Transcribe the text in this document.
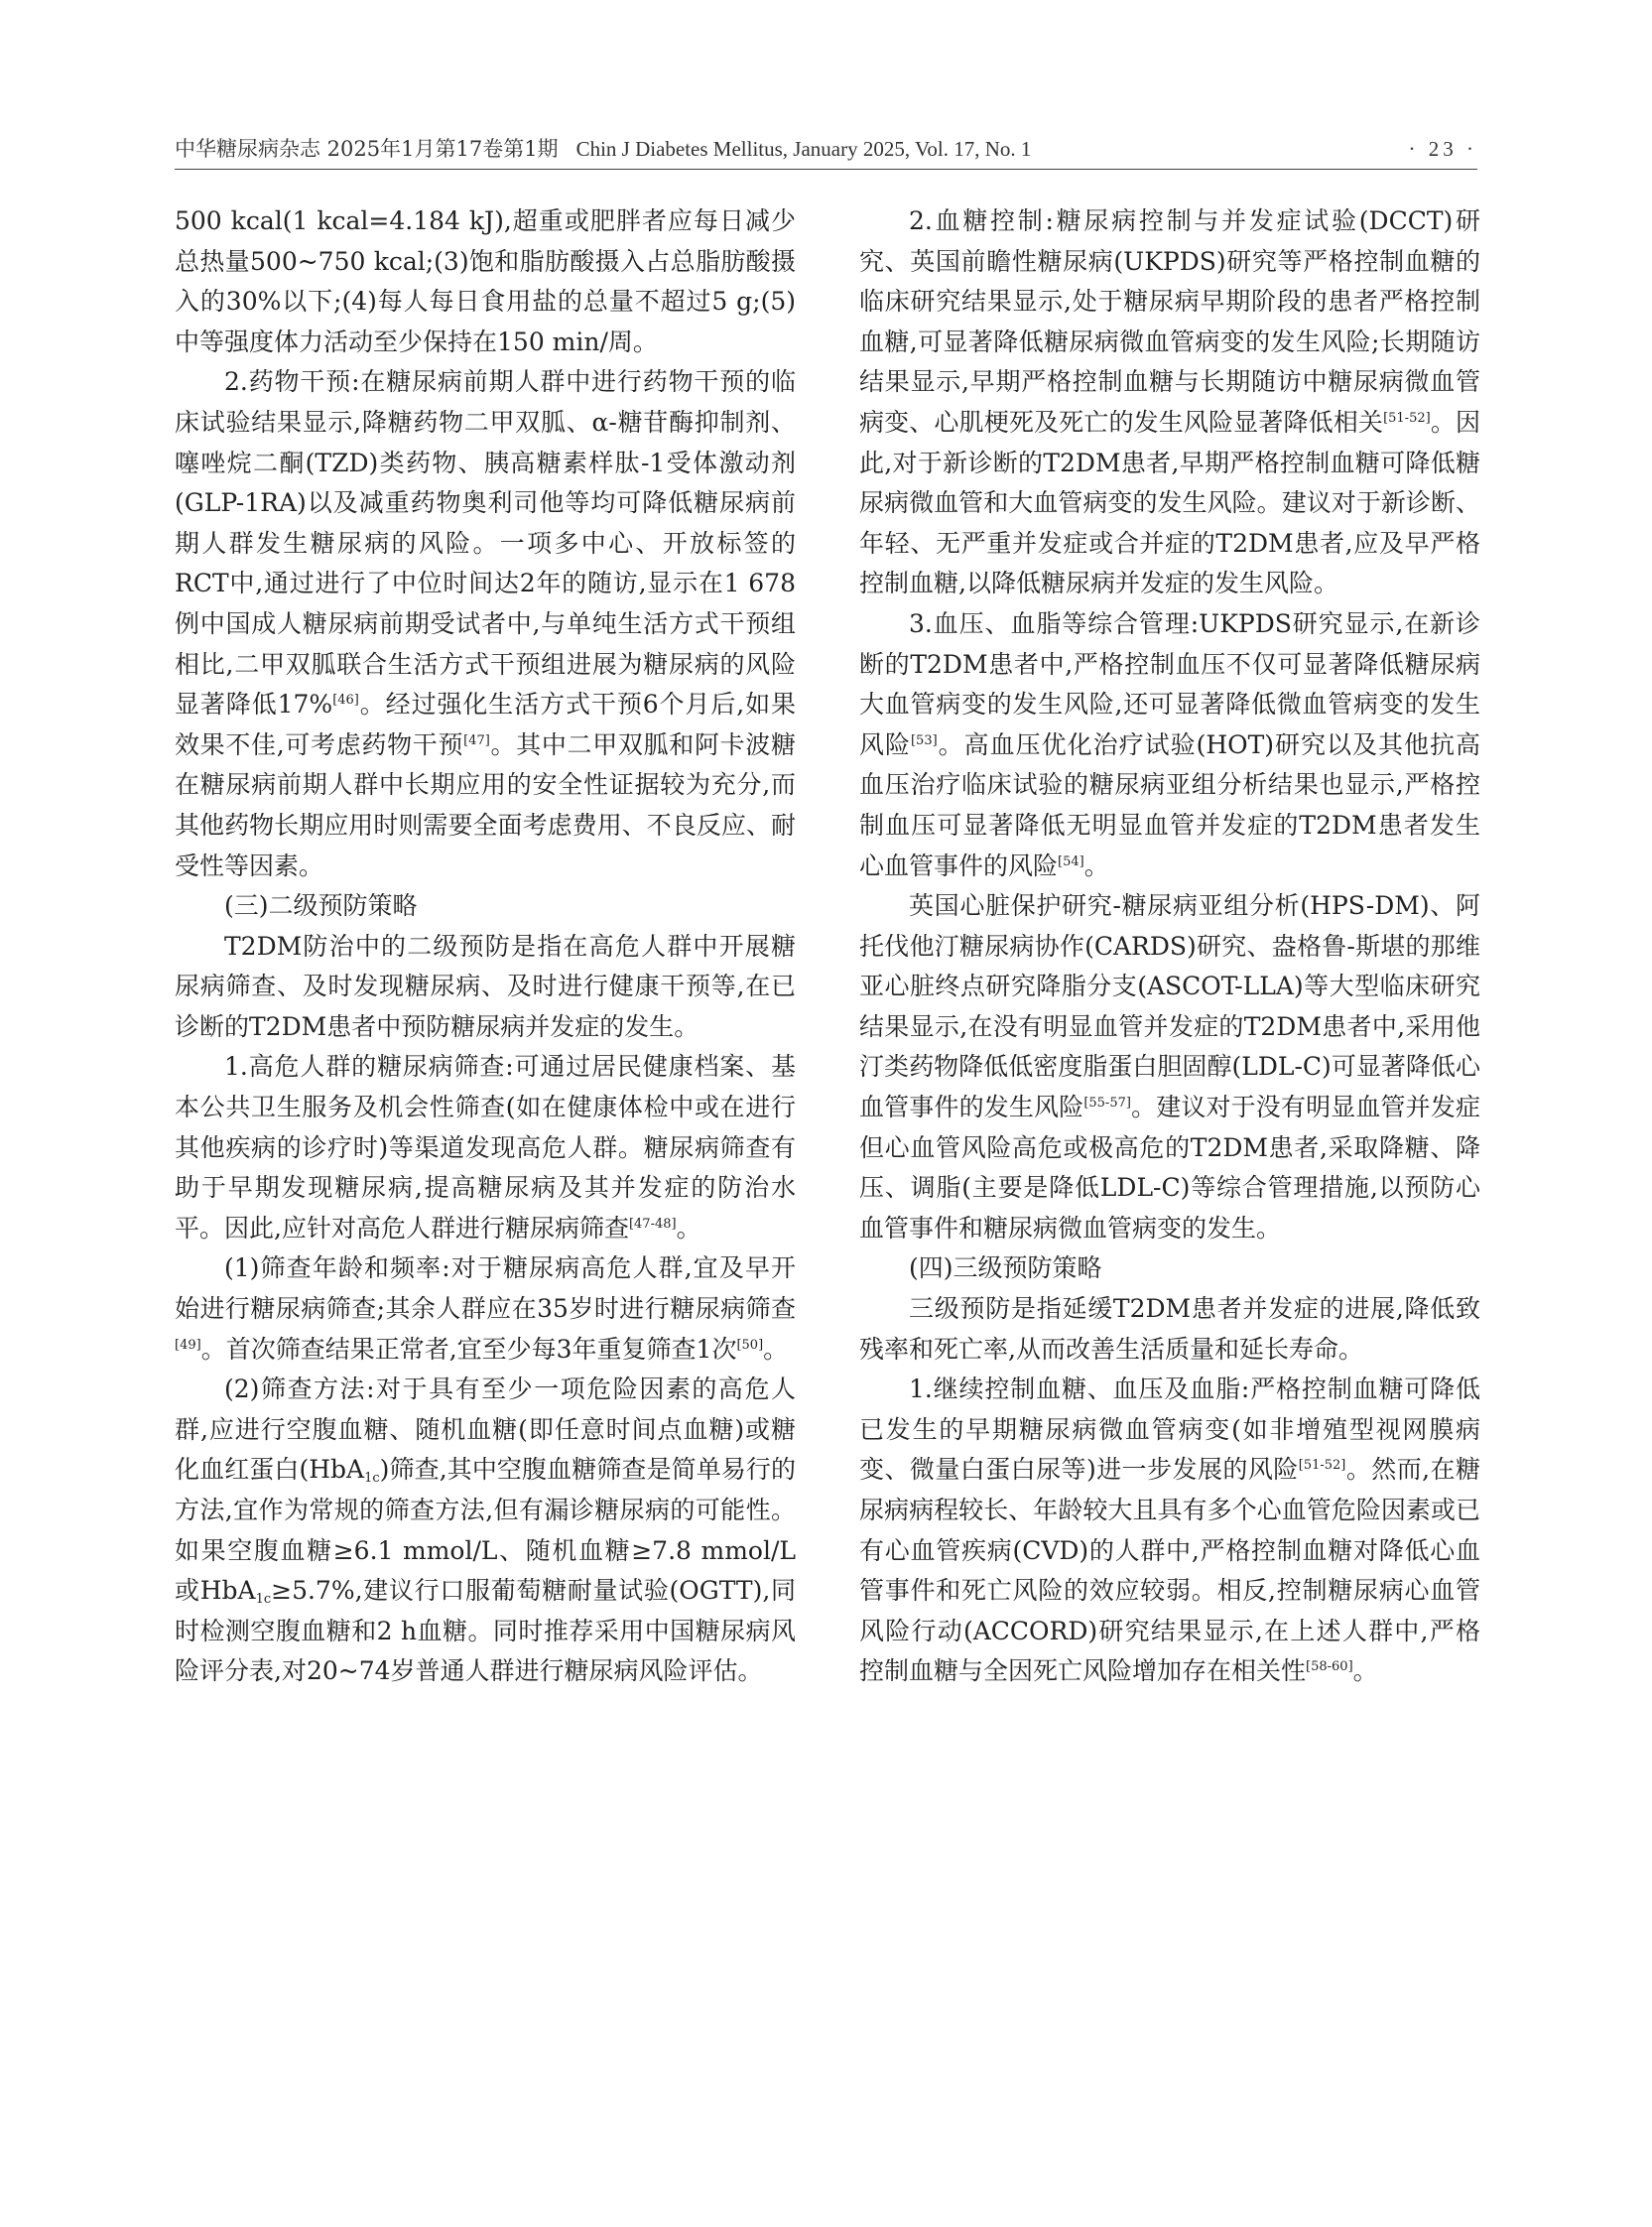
中华糖尿病杂志 2025年1月第17卷第1期 Chin J Diabetes Mellitus, January 2025, Vol. 17, No. 1	· 23 ·

500 kcal(1 kcal=4.184 kJ),超重或肥胖者应每日减少总热量500~750 kcal;(3)饱和脂肪酸摄入占总脂肪酸摄入的30%以下;(4)每人每日食用盐的总量不超过5 g;(5)中等强度体力活动至少保持在150 min/周。

2.药物干预:在糖尿病前期人群中进行药物干预的临床试验结果显示,降糖药物二甲双胍、α-糖苷酶抑制剂、噻唑烷二酮(TZD)类药物、胰高糖素样肽-1受体激动剂(GLP-1RA)以及减重药物奥利司他等均可降低糖尿病前期人群发生糖尿病的风险。一项多中心、开放标签的RCT中,通过进行了中位时间达2年的随访,显示在1 678例中国成人糖尿病前期受试者中,与单纯生活方式干预组相比,二甲双胍联合生活方式干预组进展为糖尿病的风险显著降低17%[46]。经过强化生活方式干预6个月后,如果效果不佳,可考虑药物干预[47]。其中二甲双胍和阿卡波糖在糖尿病前期人群中长期应用的安全性证据较为充分,而其他药物长期应用时则需要全面考虑费用、不良反应、耐受性等因素。

(三)二级预防策略

T2DM防治中的二级预防是指在高危人群中开展糖尿病筛查、及时发现糖尿病、及时进行健康干预等,在已诊断的T2DM患者中预防糖尿病并发症的发生。

1.高危人群的糖尿病筛查:可通过居民健康档案、基本公共卫生服务及机会性筛查(如在健康体检中或在进行其他疾病的诊疗时)等渠道发现高危人群。糖尿病筛查有助于早期发现糖尿病,提高糖尿病及其并发症的防治水平。因此,应针对高危人群进行糖尿病筛查[47-48]。

(1)筛查年龄和频率:对于糖尿病高危人群,宜及早开始进行糖尿病筛查;其余人群应在35岁时进行糖尿病筛查[49]。首次筛查结果正常者,宜至少每3年重复筛查1次[50]。

(2)筛查方法:对于具有至少一项危险因素的高危人群,应进行空腹血糖、随机血糖(即任意时间点血糖)或糖化血红蛋白(HbA$_{1c}$)筛查,其中空腹血糖筛查是简单易行的方法,宜作为常规的筛查方法,但有漏诊糖尿病的可能性。如果空腹血糖≥6.1 mmol/L、随机血糖≥7.8 mmol/L或HbA$_{1c}$≥5.7%,建议行口服葡萄糖耐量试验(OGTT),同时检测空腹血糖和2 h血糖。同时推荐采用中国糖尿病风险评分表,对20~74岁普通人群进行糖尿病风险评估。

2.血糖控制:糖尿病控制与并发症试验(DCCT)研究、英国前瞻性糖尿病(UKPDS)研究等严格控制血糖的临床研究结果显示,处于糖尿病早期阶段的患者严格控制血糖,可显著降低糖尿病微血管病变的发生风险;长期随访结果显示,早期严格控制血糖与长期随访中糖尿病微血管病变、心肌梗死及死亡的发生风险显著降低相关[51-52]。因此,对于新诊断的T2DM患者,早期严格控制血糖可降低糖尿病微血管和大血管病变的发生风险。建议对于新诊断、年轻、无严重并发症或合并症的T2DM患者,应及早严格控制血糖,以降低糖尿病并发症的发生风险。

3.血压、血脂等综合管理:UKPDS研究显示,在新诊断的T2DM患者中,严格控制血压不仅可显著降低糖尿病大血管病变的发生风险,还可显著降低微血管病变的发生风险[53]。高血压优化治疗试验(HOT)研究以及其他抗高血压治疗临床试验的糖尿病亚组分析结果也显示,严格控制血压可显著降低无明显血管并发症的T2DM患者发生心血管事件的风险[54]。

英国心脏保护研究-糖尿病亚组分析(HPS-DM)、阿托伐他汀糖尿病协作(CARDS)研究、盎格鲁-斯堪的那维亚心脏终点研究降脂分支(ASCOT-LLA)等大型临床研究结果显示,在没有明显血管并发症的T2DM患者中,采用他汀类药物降低低密度脂蛋白胆固醇(LDL-C)可显著降低心血管事件的发生风险[55-57]。建议对于没有明显血管并发症但心血管风险高危或极高危的T2DM患者,采取降糖、降压、调脂(主要是降低LDL-C)等综合管理措施,以预防心血管事件和糖尿病微血管病变的发生。

(四)三级预防策略

三级预防是指延缓T2DM患者并发症的进展,降低致残率和死亡率,从而改善生活质量和延长寿命。

1.继续控制血糖、血压及血脂:严格控制血糖可降低已发生的早期糖尿病微血管病变(如非增殖型视网膜病变、微量白蛋白尿等)进一步发展的风险[51-52]。然而,在糖尿病病程较长、年龄较大且具有多个心血管危险因素或已有心血管疾病(CVD)的人群中,严格控制血糖对降低心血管事件和死亡风险的效应较弱。相反,控制糖尿病心血管风险行动(ACCORD)研究结果显示,在上述人群中,严格控制血糖与全因死亡风险增加存在相关性[58-60]。
